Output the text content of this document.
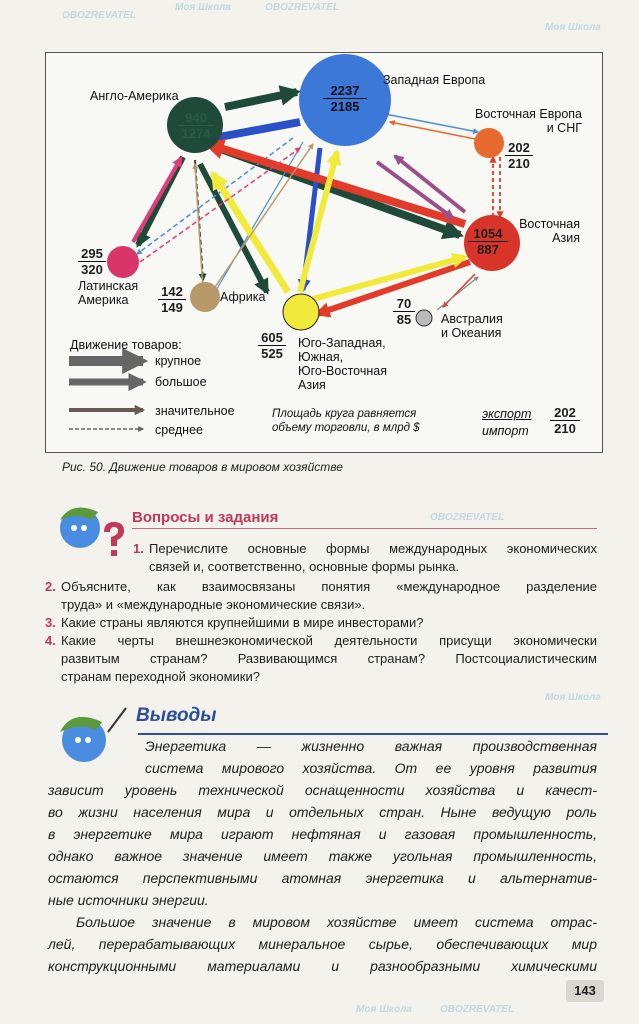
Моя Школа	OBOZREVATEL
OBOZREVATEL
Моя Школа
OBOZREVATEL
Моя Школа
Моя Школа	OBOZREVATEL
940
1274
2237
2185
1054
887
202
210
295
320
142
149
605
525
70
85
Англо-Америка
Западная Европа
Восточная Европа
и СНГ
Восточная
Азия
Латинская
Америка	Африка
Юго-Западная,
Южная,
Юго-Восточная
Азия
Австралия
и Океания
Движение товаров:
крупное
большое
значительное
среднее
Площадь круга равняется
объему торговли, в млрд $
экспорт
импорт
202
210
Рис. 50. Движение товаров в мировом хозяйстве
Вопросы и задания
1. Перечислите основные формы международных экономических
связей и, соответственно, основные формы рынка.
2. Объясните, как взаимосвязаны понятия «международное разделение
труда» и «международные экономические связи».
3. Какие страны являются крупнейшими в мире инвесторами?
4. Какие черты внешнеэкономической деятельности присущи экономически
развитым странам? Развивающимся странам? Постсоциалистическим
странам переходной экономики?
Выводы
Энергетика — жизненно важная производственная
система мирового хозяйства. От ее уровня развития
зависит уровень технической оснащенности хозяйства и качест-
во жизни населения мира и отдельных стран. Ныне ведущую роль
в энергетике мира играют нефтяная и газовая промышленность,
однако важное значение имеет также угольная промышленность,
остаются перспективными атомная энергетика и альтернатив-
ные источники энергии.
Большое значение в мировом хозяйстве имеет система отрас-
лей, перерабатывающих минеральное сырье, обеспечивающих мир
конструкционными материалами и разнообразными химическими
143
